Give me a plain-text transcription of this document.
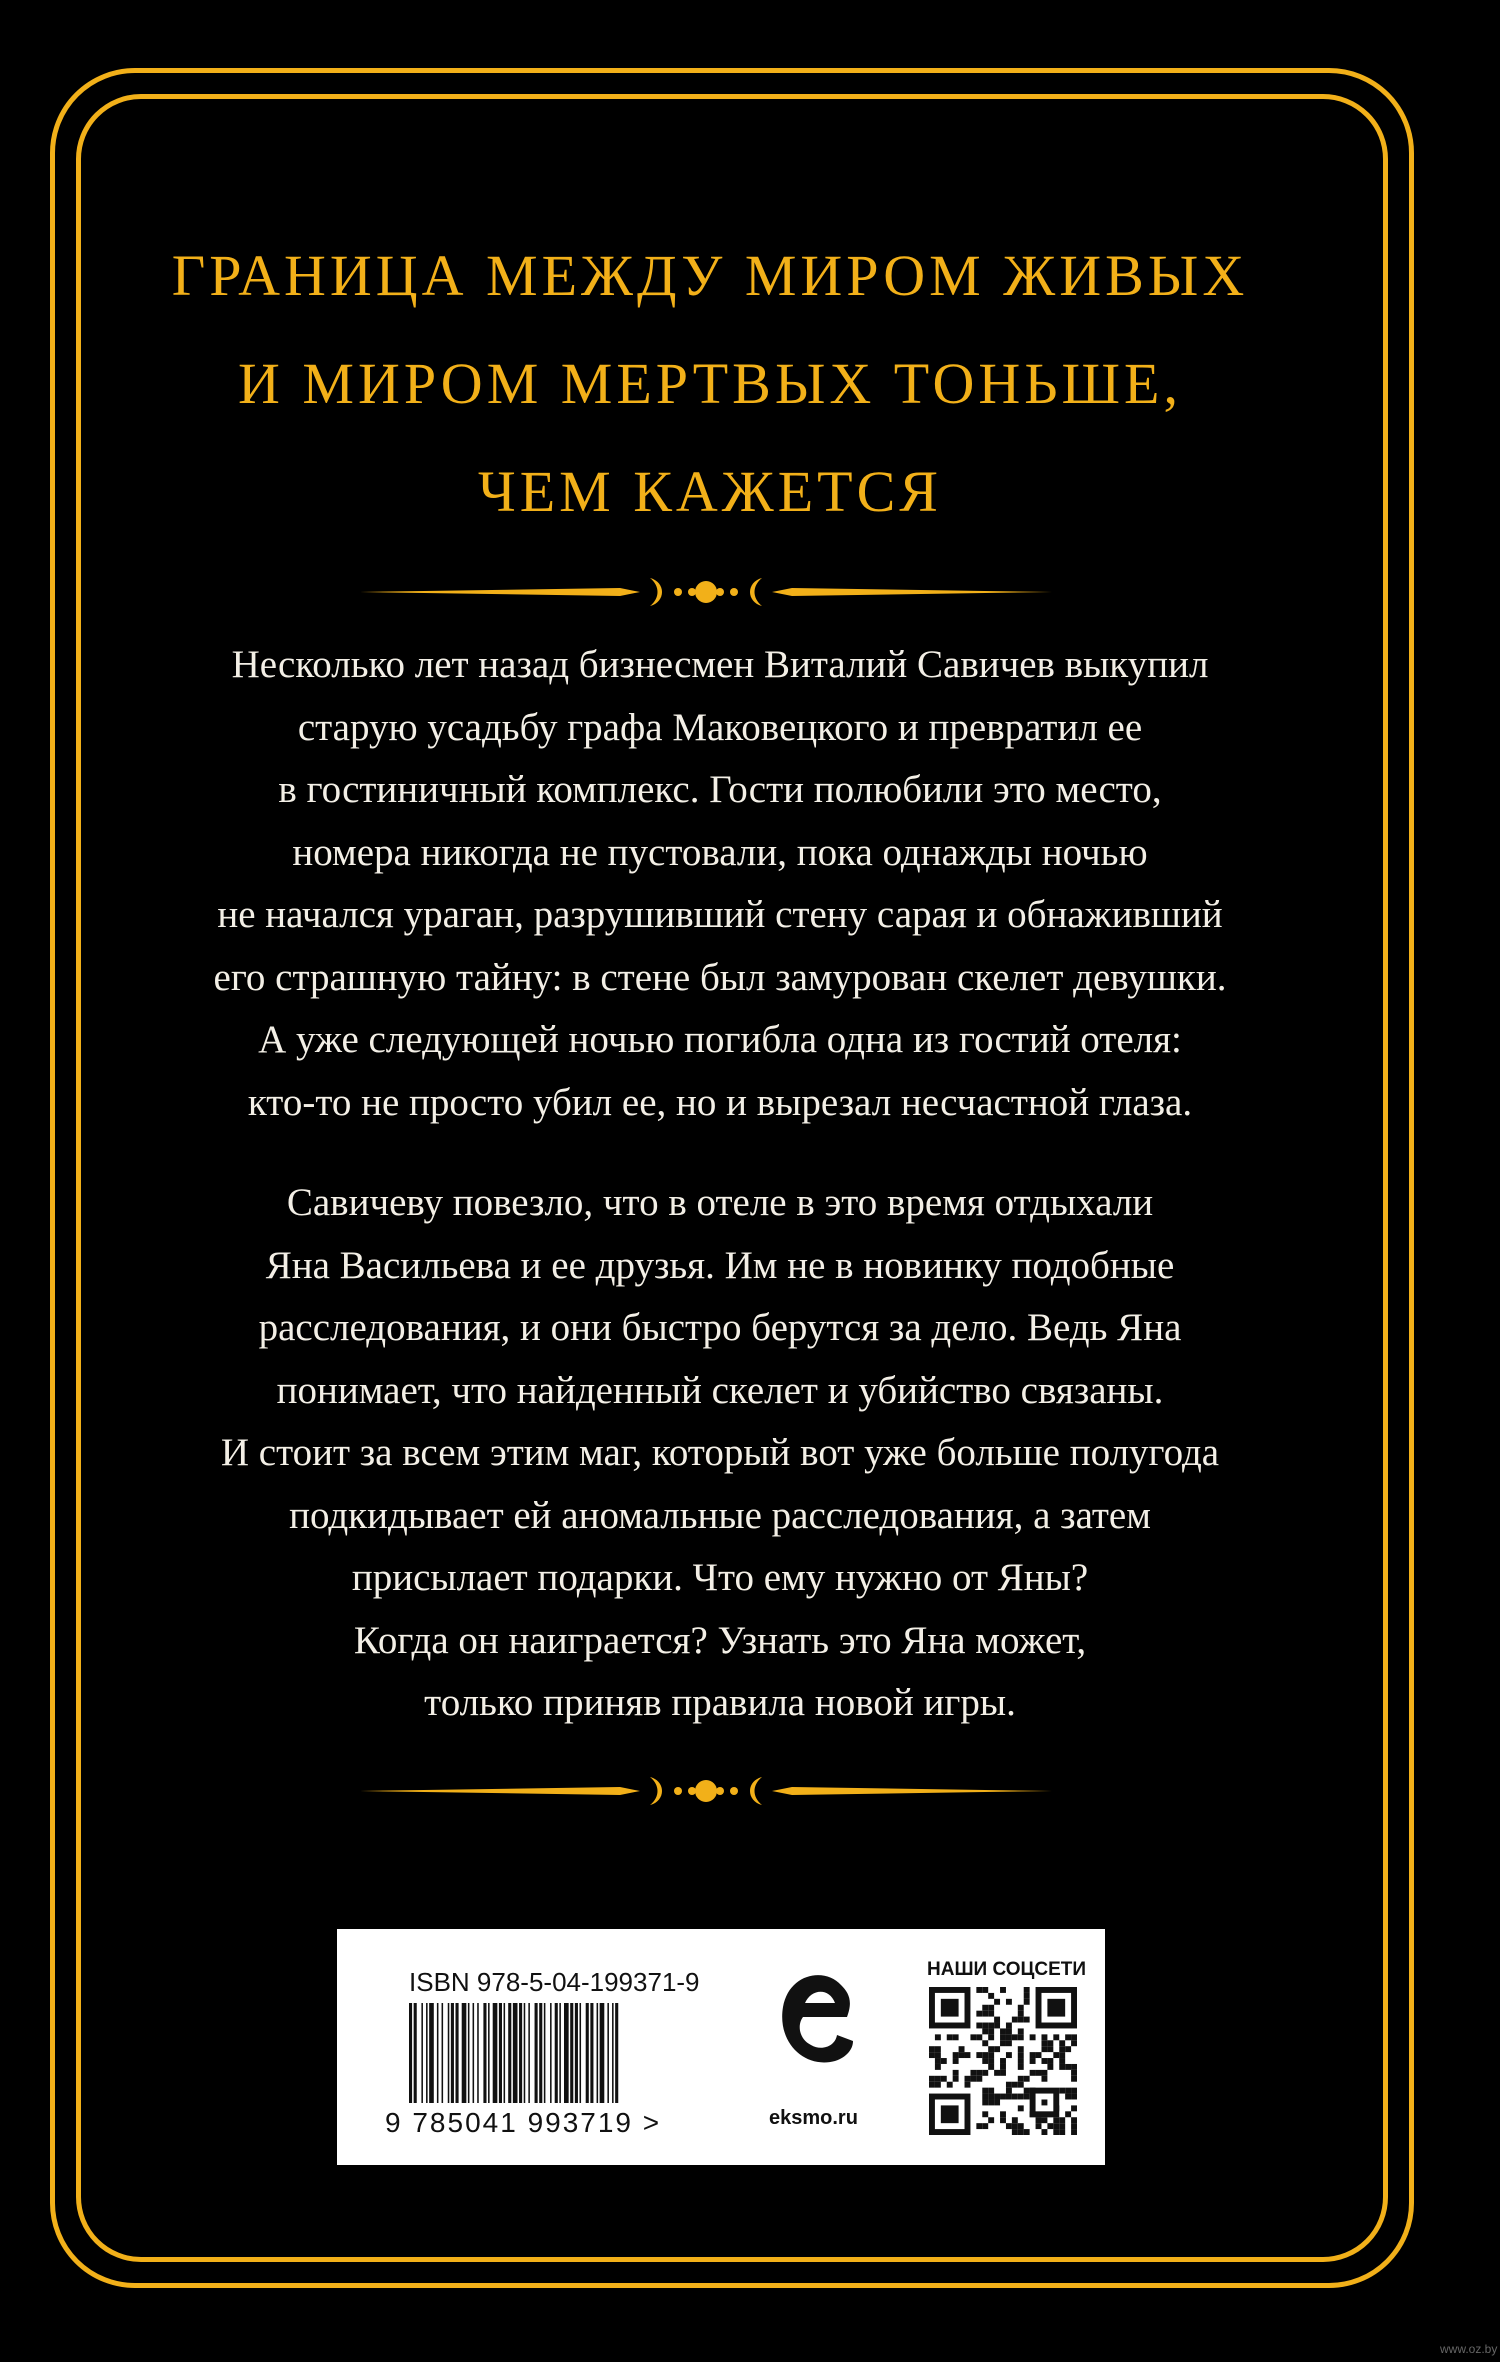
ГРАНИЦА МЕЖДУ МИРОМ ЖИВЫХ
И МИРОМ МЕРТВЫХ ТОНЬШЕ,
ЧЕМ КАЖЕТСЯ
Несколько лет назад бизнесмен Виталий Савичев выкупил
старую усадьбу графа Маковецкого и превратил ее
в гостиничный комплекс. Гости полюбили это место,
номера никогда не пустовали, пока однажды ночью
не начался ураган, разрушивший стену сарая и обнаживший
его страшную тайну: в стене был замурован скелет девушки.
А уже следующей ночью погибла одна из гостий отеля:
кто-то не просто убил ее, но и вырезал несчастной глаза.
Савичеву повезло, что в отеле в это время отдыхали
Яна Васильева и ее друзья. Им не в новинку подобные
расследования, и они быстро берутся за дело. Ведь Яна
понимает, что найденный скелет и убийство связаны.
И стоит за всем этим маг, который вот уже больше полугода
подкидывает ей аномальные расследования, а затем
присылает подарки. Что ему нужно от Яны?
Когда он наиграется? Узнать это Яна может,
только приняв правила новой игры.
ISBN 978-5-04-199371-9
9 785041 993719 >	eksmo.ru
НАШИ СОЦСЕТИ
www.oz.by
